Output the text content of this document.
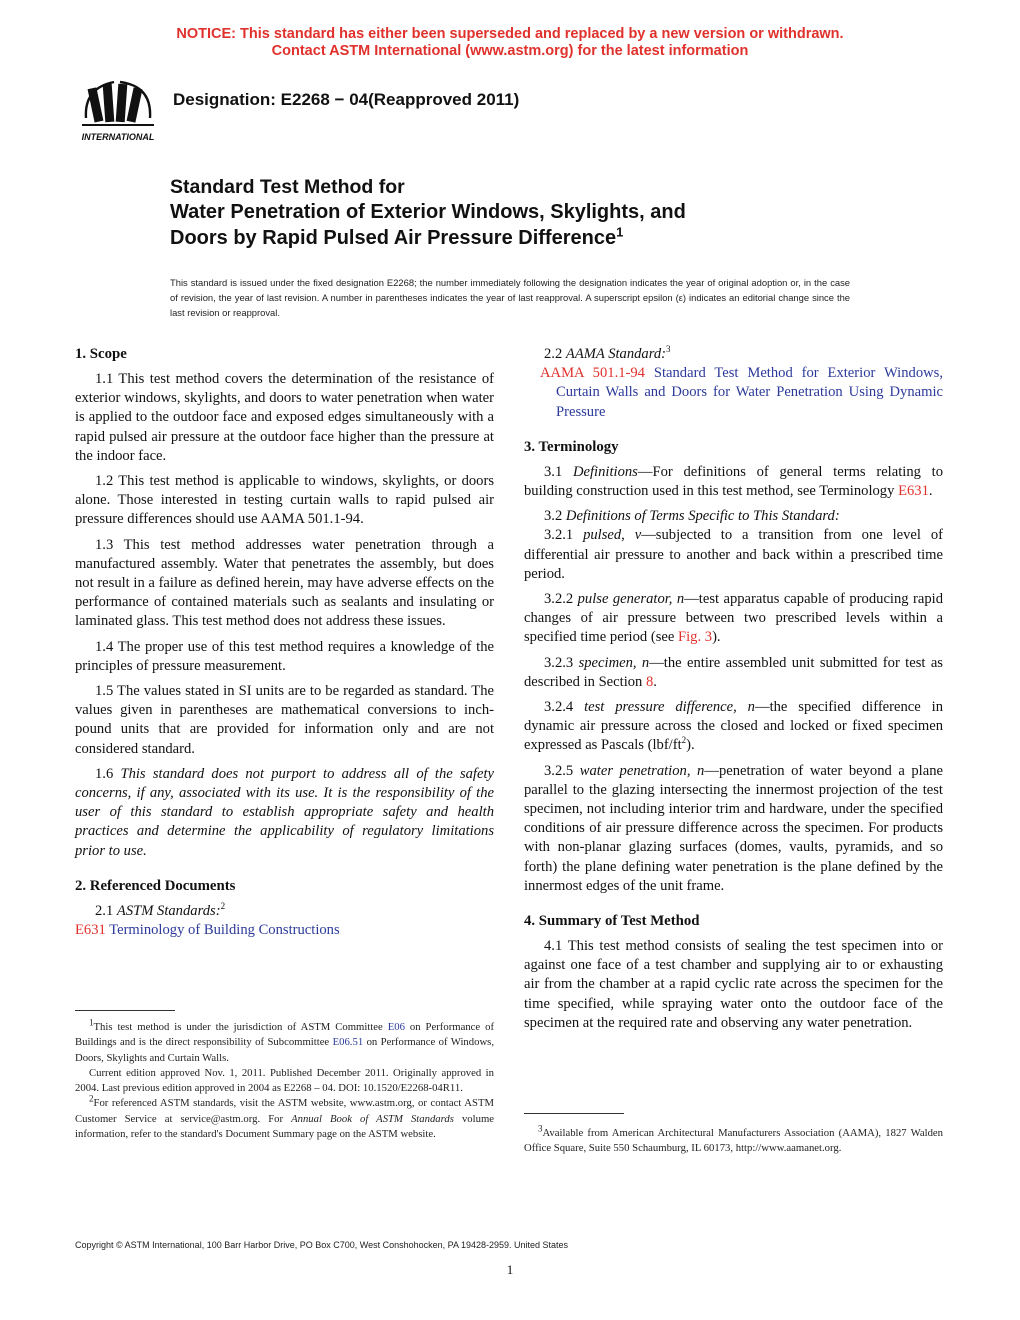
NOTICE: This standard has either been superseded and replaced by a new version or withdrawn.
Contact ASTM International (www.astm.org) for the latest information
INTERNATIONAL
Designation: E2268 − 04(Reapproved 2011)
Standard Test Method for
Water Penetration of Exterior Windows, Skylights, and
Doors by Rapid Pulsed Air Pressure Difference$^1$
This standard is issued under the fixed designation E2268; the number immediately following the designation indicates the year of original adoption or, in the case of revision, the year of last revision. A number in parentheses indicates the year of last reapproval. A superscript epsilon (ε) indicates an editorial change since the last revision or reapproval.
1. Scope

1.1 This test method covers the determination of the resistance of exterior windows, skylights, and doors to water penetration when water is applied to the outdoor face and exposed edges simultaneously with a rapid pulsed air pressure at the outdoor face higher than the pressure at the indoor face.

1.2 This test method is applicable to windows, skylights, or doors alone. Those interested in testing curtain walls to rapid pulsed air pressure differences should use AAMA 501.1-94.

1.3 This test method addresses water penetration through a manufactured assembly. Water that penetrates the assembly, but does not result in a failure as defined herein, may have adverse effects on the performance of contained materials such as sealants and insulating or laminated glass. This test method does not address these issues.

1.4 The proper use of this test method requires a knowledge of the principles of pressure measurement.

1.5 The values stated in SI units are to be regarded as standard. The values given in parentheses are mathematical conversions to inch-pound units that are provided for information only and are not considered standard.

1.6 This standard does not purport to address all of the safety concerns, if any, associated with its use. It is the responsibility of the user of this standard to establish appropriate safety and health practices and determine the applicability of regulatory limitations prior to use.

2. Referenced Documents

2.1 ASTM Standards:$^2$

E631 Terminology of Building Constructions

2.2 AAMA Standard:$^3$

AAMA 501.1-94 Standard Test Method for Exterior Windows, Curtain Walls and Doors for Water Penetration Using Dynamic Pressure
3. Terminology

3.1 Definitions—For definitions of general terms relating to building construction used in this test method, see Terminology E631.

3.2 Definitions of Terms Specific to This Standard:

3.2.1 pulsed, v—subjected to a transition from one level of differential air pressure to another and back within a prescribed time period.

3.2.2 pulse generator, n—test apparatus capable of producing rapid changes of air pressure between two prescribed levels within a specified time period (see Fig. 3).

3.2.3 specimen, n—the entire assembled unit submitted for test as described in Section 8.

3.2.4 test pressure difference, n—the specified difference in dynamic air pressure across the closed and locked or fixed specimen expressed as Pascals $(lbf/ft^2)$.

3.2.5 water penetration, n—penetration of water beyond a plane parallel to the glazing intersecting the innermost projection of the test specimen, not including interior trim and hardware, under the specified conditions of air pressure difference across the specimen. For products with non-planar glazing surfaces (domes, vaults, pyramids, and so forth) the plane defining water penetration is the plane defined by the innermost edges of the unit frame.

4. Summary of Test Method

4.1 This test method consists of sealing the test specimen into or against one face of a test chamber and supplying air to or exhausting air from the chamber at a rapid cyclic rate across the specimen for the time specified, while spraying water onto the outdoor face of the specimen at the required rate and observing any water penetration.

$^1$This test method is under the jurisdiction of ASTM Committee E06 on Performance of Buildings and is the direct responsibility of Subcommittee E06.51 on Performance of Windows, Doors, Skylights and Curtain Walls.

Current edition approved Nov. 1, 2011. Published December 2011. Originally approved in 2004. Last previous edition approved in 2004 as E2268 – 04. DOI: 10.1520/E2268-04R11.

$^2$For referenced ASTM standards, visit the ASTM website, www.astm.org, or contact ASTM Customer Service at service@astm.org. For Annual Book of ASTM Standards volume information, refer to the standard's Document Summary page on the ASTM website.	$^3$Available from American Architectural Manufacturers Association (AAMA), 1827 Walden Office Square, Suite 550 Schaumburg, IL 60173, http://www.aamanet.org.

Copyright © ASTM International, 100 Barr Harbor Drive, PO Box C700, West Conshohocken, PA 19428-2959. United States
1
